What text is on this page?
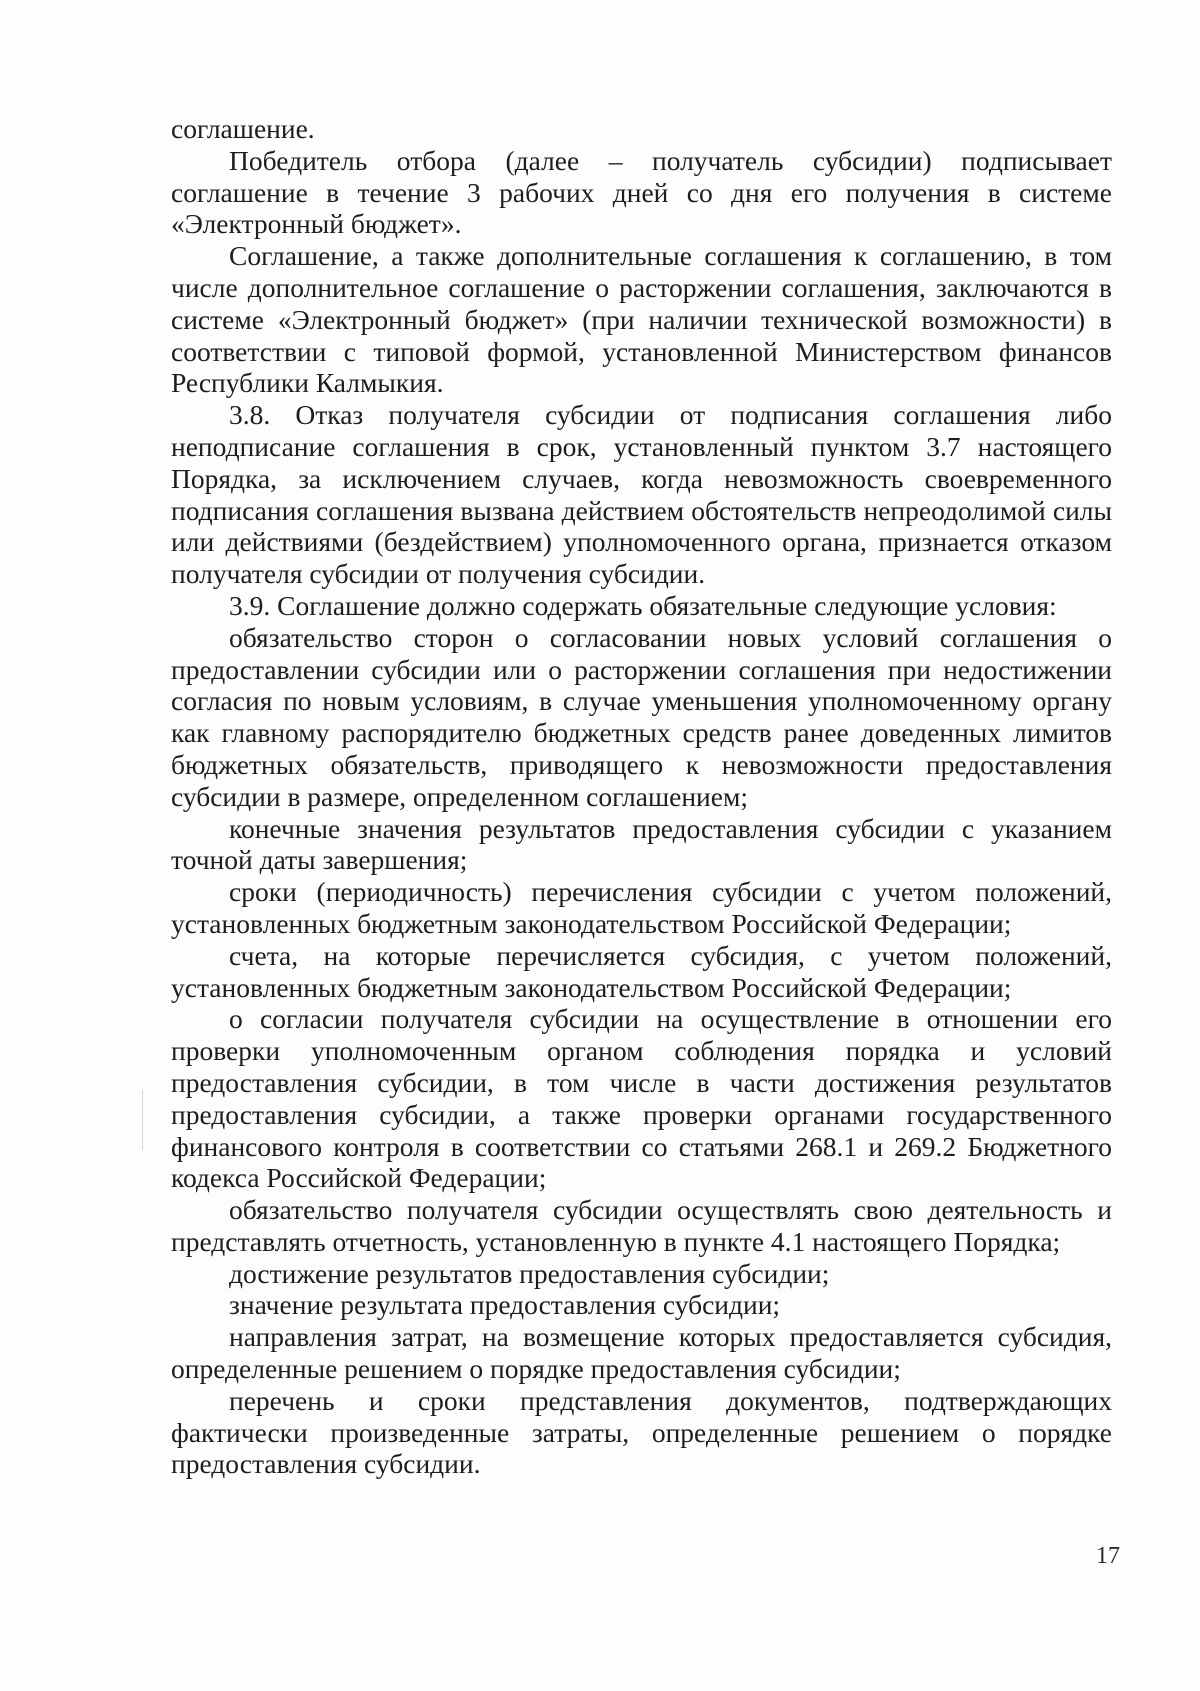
соглашение.

Победитель отбора (далее – получатель субсидии) подписывает соглашение в течение 3 рабочих дней со дня его получения в системе «Электронный бюджет».

Соглашение, а также дополнительные соглашения к соглашению, в том числе дополнительное соглашение о расторжении соглашения, заключаются в системе «Электронный бюджет» (при наличии технической возможности) в соответствии с типовой формой, установленной Министерством финансов Республики Калмыкия.

3.8. Отказ получателя субсидии от подписания соглашения либо неподписание соглашения в срок, установленный пунктом 3.7 настоящего Порядка, за исключением случаев, когда невозможность своевременного подписания соглашения вызвана действием обстоятельств непреодолимой силы или действиями (бездействием) уполномоченного органа, признается отказом получателя субсидии от получения субсидии.

3.9. Соглашение должно содержать обязательные следующие условия:

обязательство сторон о согласовании новых условий соглашения о предоставлении субсидии или о расторжении соглашения при недостижении согласия по новым условиям, в случае уменьшения уполномоченному органу как главному распорядителю бюджетных средств ранее доведенных лимитов бюджетных обязательств, приводящего к невозможности предоставления субсидии в размере, определенном соглашением;

конечные значения результатов предоставления субсидии с указанием точной даты завершения;

сроки (периодичность) перечисления субсидии с учетом положений, установленных бюджетным законодательством Российской Федерации;

счета, на которые перечисляется субсидия, с учетом положений, установленных бюджетным законодательством Российской Федерации;

о согласии получателя субсидии на осуществление в отношении его проверки уполномоченным органом соблюдения порядка и условий предоставления субсидии, в том числе в части достижения результатов предоставления субсидии, а также проверки органами государственного финансового контроля в соответствии со статьями 268.1 и 269.2 Бюджетного кодекса Российской Федерации;

обязательство получателя субсидии осуществлять свою деятельность и представлять отчетность, установленную в пункте 4.1 настоящего Порядка;

достижение результатов предоставления субсидии;

значение результата предоставления субсидии;

направления затрат, на возмещение которых предоставляется субсидия, определенные решением о порядке предоставления субсидии;

перечень и сроки представления документов, подтверждающих фактически произведенные затраты, определенные решением о порядке предоставления субсидии.

17
